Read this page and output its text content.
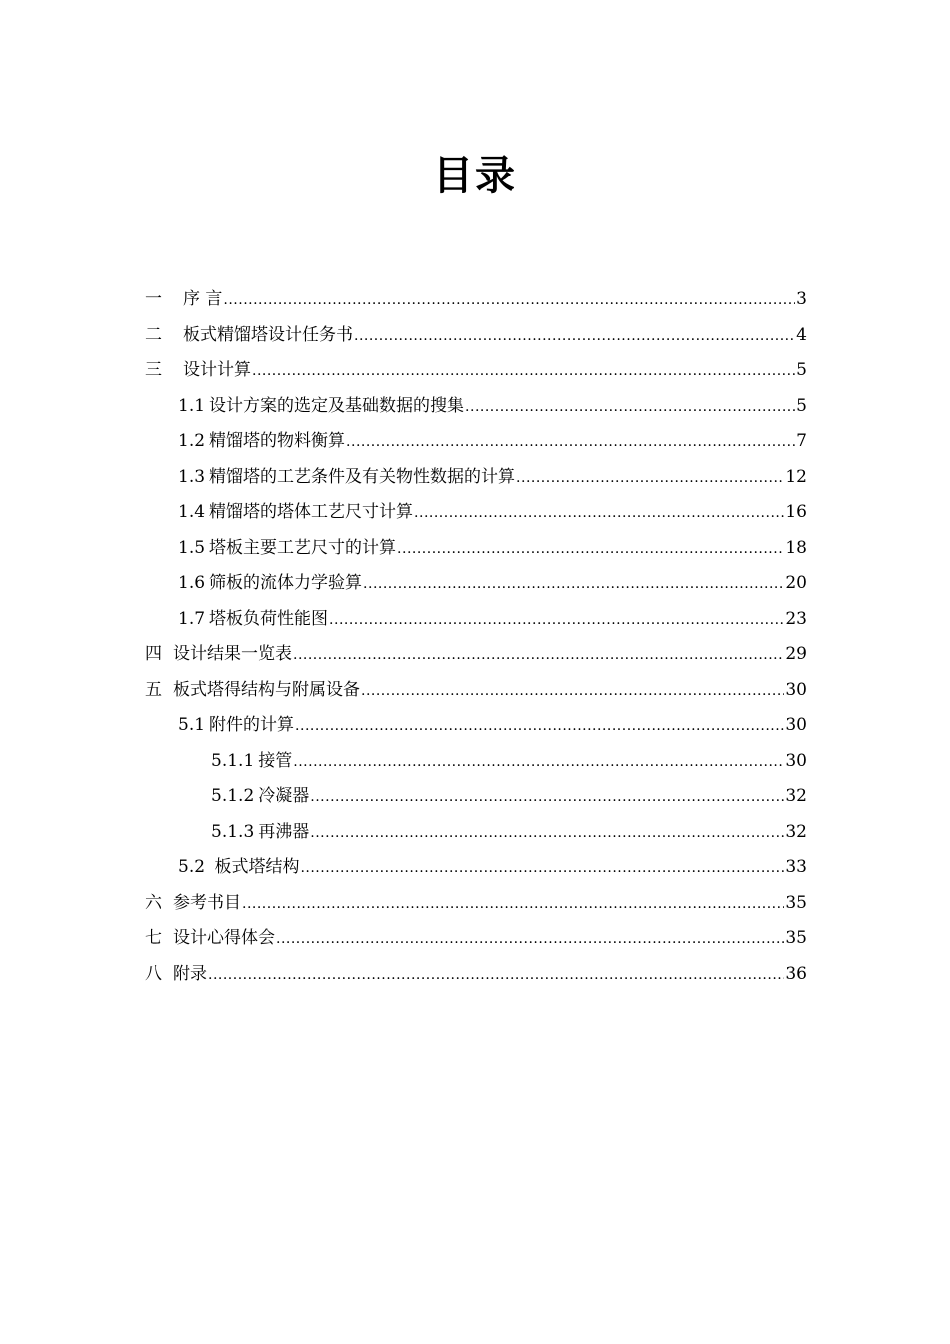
目录
一 序 言 .....	3
二 板式精馏塔设计任务书 .....	4
三 设计计算 .....	5
1.1 设计方案的选定及基础数据的搜集 .....	5
1.2 精馏塔的物料衡算 .....	7
1.3 精馏塔的工艺条件及有关物性数据的计算 .....	12
1.4 精馏塔的塔体工艺尺寸计算 .....	16
1.5 塔板主要工艺尺寸的计算 .....	18
1.6 筛板的流体力学验算 .....	20
1.7 塔板负荷性能图 .....	23
四 设计结果一览表 .....	29
五 板式塔得结构与附属设备 .....	30
5.1 附件的计算 .....	30
5.1.1 接管 .....	30
5.1.2 冷凝器 .....	32
5.1.3 再沸器 .....	32
5.2 板式塔结构 .....	33
六 参考书目 .....	35
七 设计心得体会 .....	35
八 附录 .....	36
